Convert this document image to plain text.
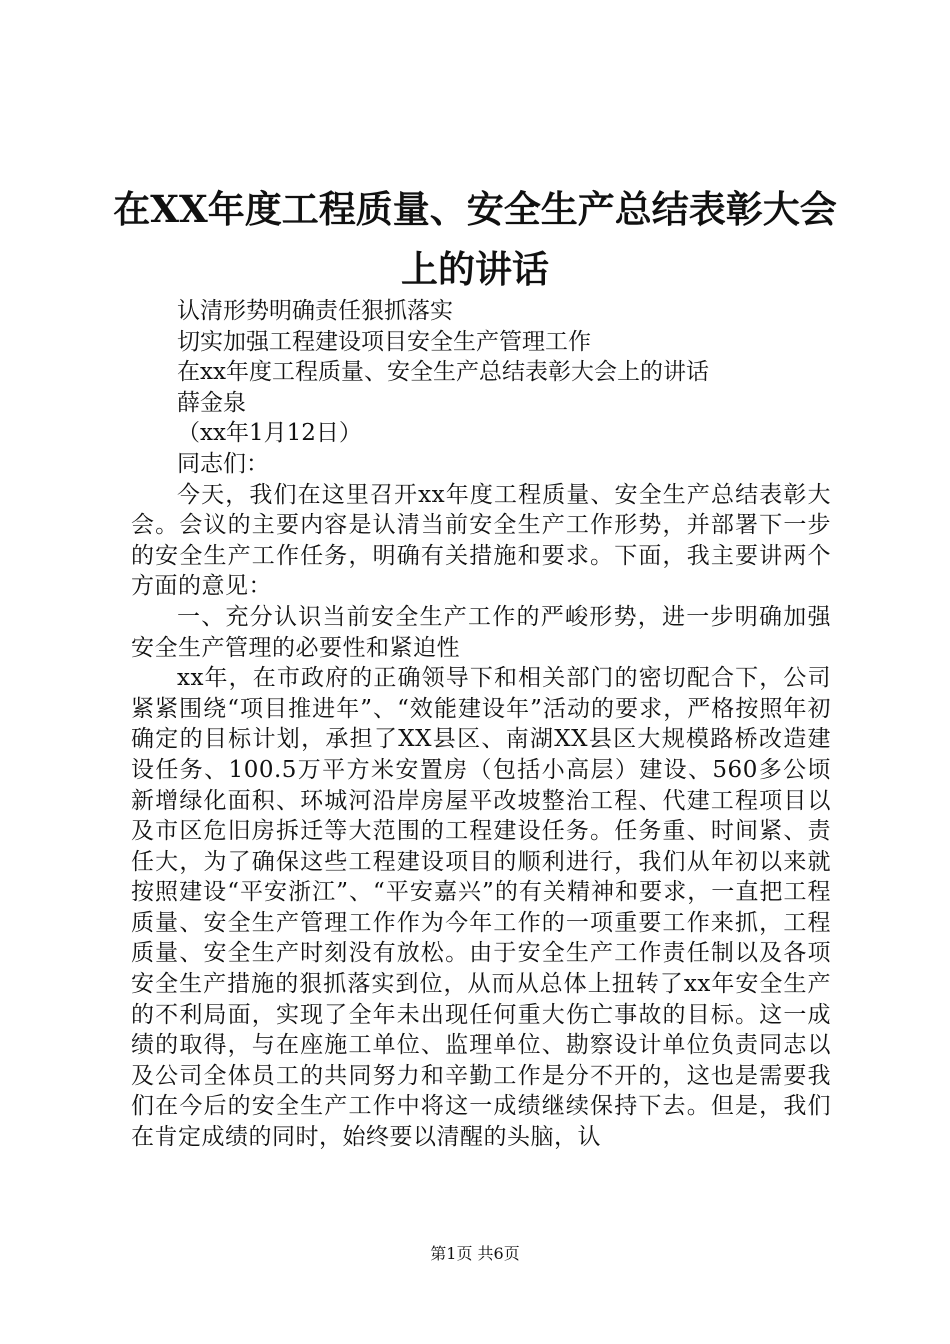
在XX年度工程质量、安全生产总结表彰大会
上的讲话

认清形势明确责任狠抓落实

切实加强工程建设项目安全生产管理工作

在xx年度工程质量、安全生产总结表彰大会上的讲话

薛金泉

（xx年1月12日）

同志们：

今天，我们在这里召开xx年度工程质量、安全生产总结表彰大会。会议的主要内容是认清当前安全生产工作形势，并部署下一步的安全生产工作任务，明确有关措施和要求。下面，我主要讲两个方面的意见：

一、充分认识当前安全生产工作的严峻形势，进一步明确加强安全生产管理的必要性和紧迫性

xx年，在市政府的正确领导下和相关部门的密切配合下，公司紧紧围绕“项目推进年”、“效能建设年”活动的要求，严格按照年初确定的目标计划，承担了XX县区、南湖XX县区大规模路桥改造建设任务、100.5万平方米安置房（包括小高层）建设、560多公顷新增绿化面积、环城河沿岸房屋平改坡整治工程、代建工程项目以及市区危旧房拆迁等大范围的工程建设任务。任务重、时间紧、责任大，为了确保这些工程建设项目的顺利进行，我们从年初以来就按照建设“平安浙江”、“平安嘉兴”的有关精神和要求，一直把工程质量、安全生产管理工作作为今年工作的一项重要工作来抓，工程质量、安全生产时刻没有放松。由于安全生产工作责任制以及各项安全生产措施的狠抓落实到位，从而从总体上扭转了xx年安全生产的不利局面，实现了全年未出现任何重大伤亡事故的目标。这一成绩的取得，与在座施工单位、监理单位、勘察设计单位负责同志以及公司全体员工的共同努力和辛勤工作是分不开的，这也是需要我们在今后的安全生产工作中将这一成绩继续保持下去。但是，我们在肯定成绩的同时，始终要以清醒的头脑，认

第1页 共6页
